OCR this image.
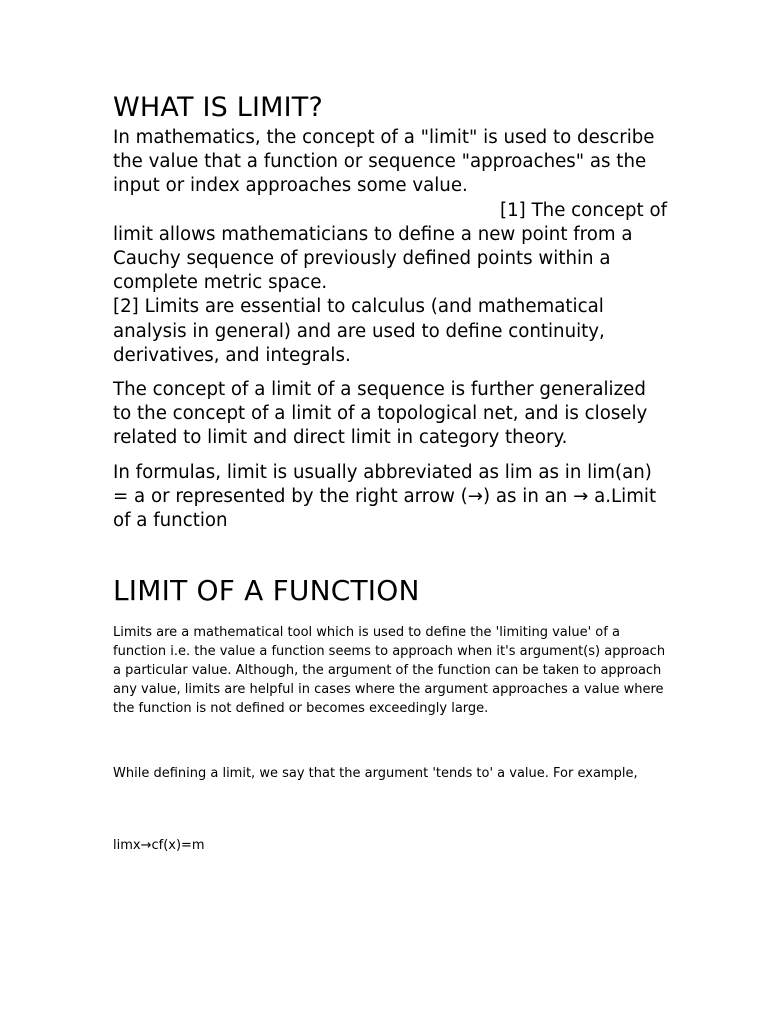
WHAT IS LIMIT?

In mathematics, the concept of a "limit" is used to describe the value that a function or sequence "approaches" as the input or index approaches some value.[1] The concept of limit allows mathematicians to define a new point from a Cauchy sequence of previously defined points within a complete metric space.
[2] Limits are essential to calculus (and mathematical analysis in general) and are used to define continuity, derivatives, and integrals.

The concept of a limit of a sequence is further generalized to the concept of a limit of a topological net, and is closely related to limit and direct limit in category theory.

In formulas, limit is usually abbreviated as lim as in lim(an) = a or represented by the right arrow (→) as in an → a.Limit of a function

LIMIT OF A FUNCTION

Limits are a mathematical tool which is used to define the 'limiting value' of a function i.e. the value a function seems to approach when it's argument(s) approach a particular value. Although, the argument of the function can be taken to approach any value, limits are helpful in cases where the argument approaches a value where the function is not defined or becomes exceedingly large.

While defining a limit, we say that the argument 'tends to' a value. For example,

limx→cf(x)=m
